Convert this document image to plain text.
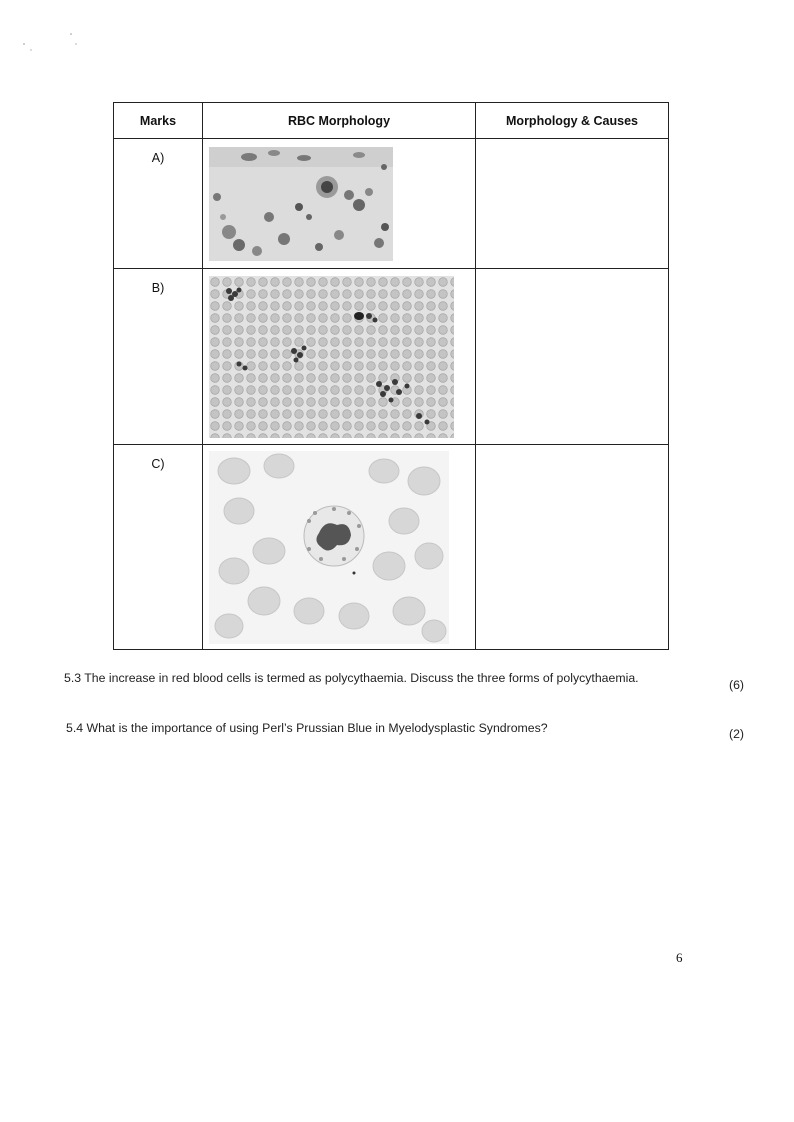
Marks	RBC Morphology	Morphology & Causes
A)	

B)	

C)	

5.3 The increase in red blood cells is termed as polycythaemia. Discuss the three forms of polycythaemia.	(6)
5.4 What is the importance of using Perl’s Prussian Blue in Myelodysplastic Syndromes?	(2)
6
